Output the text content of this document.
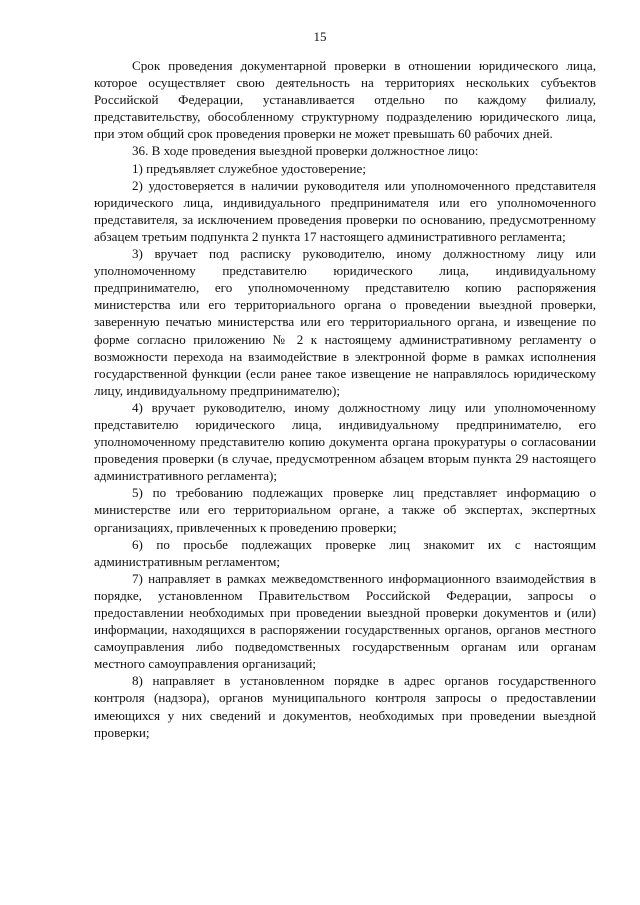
15

Срок проведения документарной проверки в отношении юридического лица, которое осуществляет свою деятельность на территориях нескольких субъектов Российской Федерации, устанавливается отдельно по каждому филиалу, представительству, обособленному структурному подразделению юридического лица, при этом общий срок проведения проверки не может превышать 60 рабочих дней.

36. В ходе проведения выездной проверки должностное лицо:

1) предъявляет служебное удостоверение;

2) удостоверяется в наличии руководителя или уполномоченного представителя юридического лица, индивидуального предпринимателя или его уполномоченного представителя, за исключением проведения проверки по основанию, предусмотренному абзацем третьим подпункта 2 пункта 17 настоящего административного регламента;

3) вручает под расписку руководителю, иному должностному лицу или уполномоченному представителю юридического лица, индивидуальному предпринимателю, его уполномоченному представителю копию распоряжения министерства или его территориального органа о проведении выездной проверки, заверенную печатью министерства или его территориального органа, и извещение по форме согласно приложению № 2 к настоящему административному регламенту о возможности перехода на взаимодействие в электронной форме в рамках исполнения государственной функции (если ранее такое извещение не направлялось юридическому лицу, индивидуальному предпринимателю);

4) вручает руководителю, иному должностному лицу или уполномоченному представителю юридического лица, индивидуальному предпринимателю, его уполномоченному представителю копию документа органа прокуратуры о согласовании проведения проверки (в случае, предусмотренном абзацем вторым пункта 29 настоящего административного регламента);

5) по требованию подлежащих проверке лиц представляет информацию о министерстве или его территориальном органе, а также об экспертах, экспертных организациях, привлеченных к проведению проверки;

6) по просьбе подлежащих проверке лиц знакомит их с настоящим административным регламентом;

7) направляет в рамках межведомственного информационного взаимодействия в порядке, установленном Правительством Российской Федерации, запросы о предоставлении необходимых при проведении выездной проверки документов и (или) информации, находящихся в распоряжении государственных органов, органов местного самоуправления либо подведомственных государственным органам или органам местного самоуправления организаций;

8) направляет в установленном порядке в адрес органов государственного контроля (надзора), органов муниципального контроля запросы о предоставлении имеющихся у них сведений и документов, необходимых при проведении выездной проверки;
